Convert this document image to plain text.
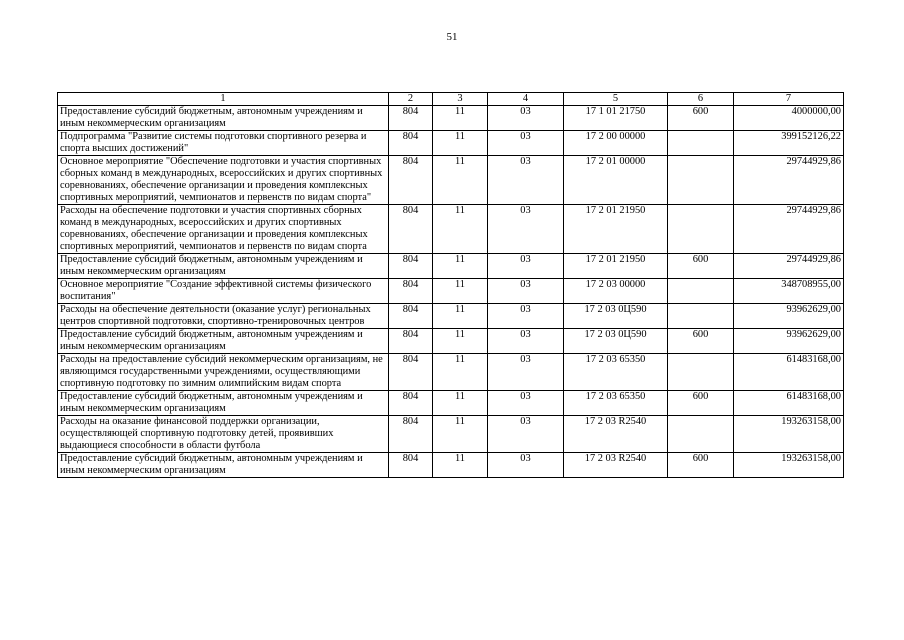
51
1	2	3	4	5	6	7
Предоставление субсидий бюджетным, автономным учреждениям и иным некоммерческим организациям	804	11	03	17 1 01 21750	600	4000000,00
Подпрограмма "Развитие системы подготовки спортивного резерва и спорта высших достижений"	804	11	03	17 2 00 00000		399152126,22
Основное мероприятие "Обеспечение подготовки и участия спортивных сборных команд в международных, всероссийских и других спортивных соревнованиях, обеспечение организации и проведения комплексных спортивных мероприятий, чемпионатов и первенств по видам спорта"	804	11	03	17 2 01 00000		29744929,86
Расходы на обеспечение подготовки и участия спортивных сборных команд в международных, всероссийских и других спортивных соревнованиях, обеспечение организации и проведения комплексных спортивных мероприятий, чемпионатов и первенств по видам спорта	804	11	03	17 2 01 21950		29744929,86
Предоставление субсидий бюджетным, автономным учреждениям и иным некоммерческим организациям	804	11	03	17 2 01 21950	600	29744929,86
Основное мероприятие "Создание эффективной системы физического воспитания"	804	11	03	17 2 03 00000		348708955,00
Расходы на обеспечение деятельности (оказание услуг) региональных центров спортивной подготовки, спортивно-тренировочных центров	804	11	03	17 2 03 0Ц590		93962629,00
Предоставление субсидий бюджетным, автономным учреждениям и иным некоммерческим организациям	804	11	03	17 2 03 0Ц590	600	93962629,00
Расходы на предоставление субсидий некоммерческим организациям, не являющимся государственными учреждениями, осуществляющими спортивную подготовку по зимним олимпийским видам спорта	804	11	03	17 2 03 65350		61483168,00
Предоставление субсидий бюджетным, автономным учреждениям и иным некоммерческим организациям	804	11	03	17 2 03 65350	600	61483168,00
Расходы на оказание финансовой поддержки организации, осуществляющей спортивную подготовку детей, проявивших выдающиеся способности в области футбола	804	11	03	17 2 03 R2540		193263158,00
Предоставление субсидий бюджетным, автономным учреждениям и иным некоммерческим организациям	804	11	03	17 2 03 R2540	600	193263158,00
